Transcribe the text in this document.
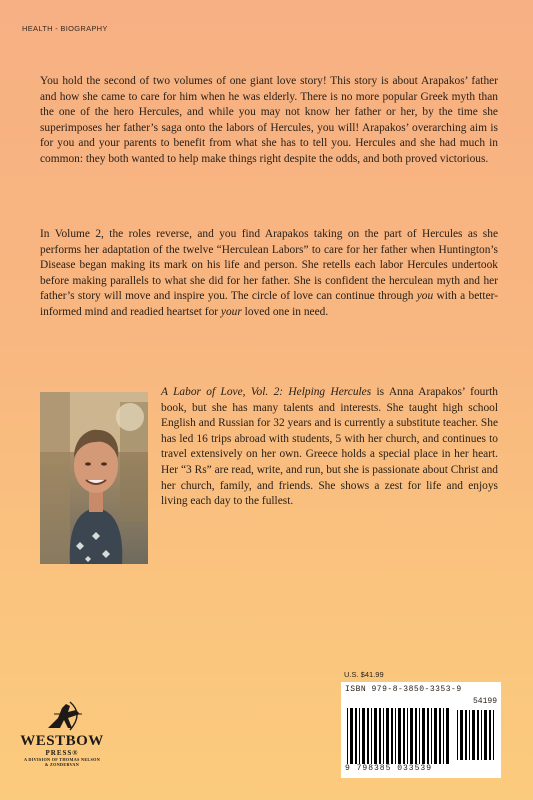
HEALTH - BIOGRAPHY

You hold the second of two volumes of one giant love story! This story is about Arapakos’ father and how she came to care for him when he was elderly. There is no more popular Greek myth than the one of the hero Hercules, and while you may not know her father or her, by the time she superimposes her father’s saga onto the labors of Hercules, you will! Arapakos’ overarching aim is for you and your parents to benefit from what she has to tell you. Hercules and she had much in common: they both wanted to help make things right despite the odds, and both proved victorious.

In Volume 2, the roles reverse, and you find Arapakos taking on the part of Hercules as she performs her adaptation of the twelve “Herculean Labors” to care for her father when Huntington’s Disease began making its mark on his life and person. She retells each labor Hercules undertook before making parallels to what she did for her father. She is confident the herculean myth and her father’s story will move and inspire you. The circle of love can continue through you with a better-informed mind and readied heartset for your loved one in need.

A Labor of Love, Vol. 2: Helping Hercules is Anna Arapakos’ fourth book, but she has many talents and interests. She taught high school English and Russian for 32 years and is currently a substitute teacher. She has led 16 trips abroad with students, 5 with her church, and continues to travel extensively on her own. Greece holds a special place in her heart. Her “3 Rs” are read, write, and run, but she is passionate about Christ and her church, family, and friends. She shows a zest for life and enjoys living each day to the fullest.

U.S. $41.99
ISBN 979-8-3850-3353-9
54199
9 798385 033539
WESTBOW
PRESS®
A DIVISION OF THOMAS NELSON
& ZONDERVAN
